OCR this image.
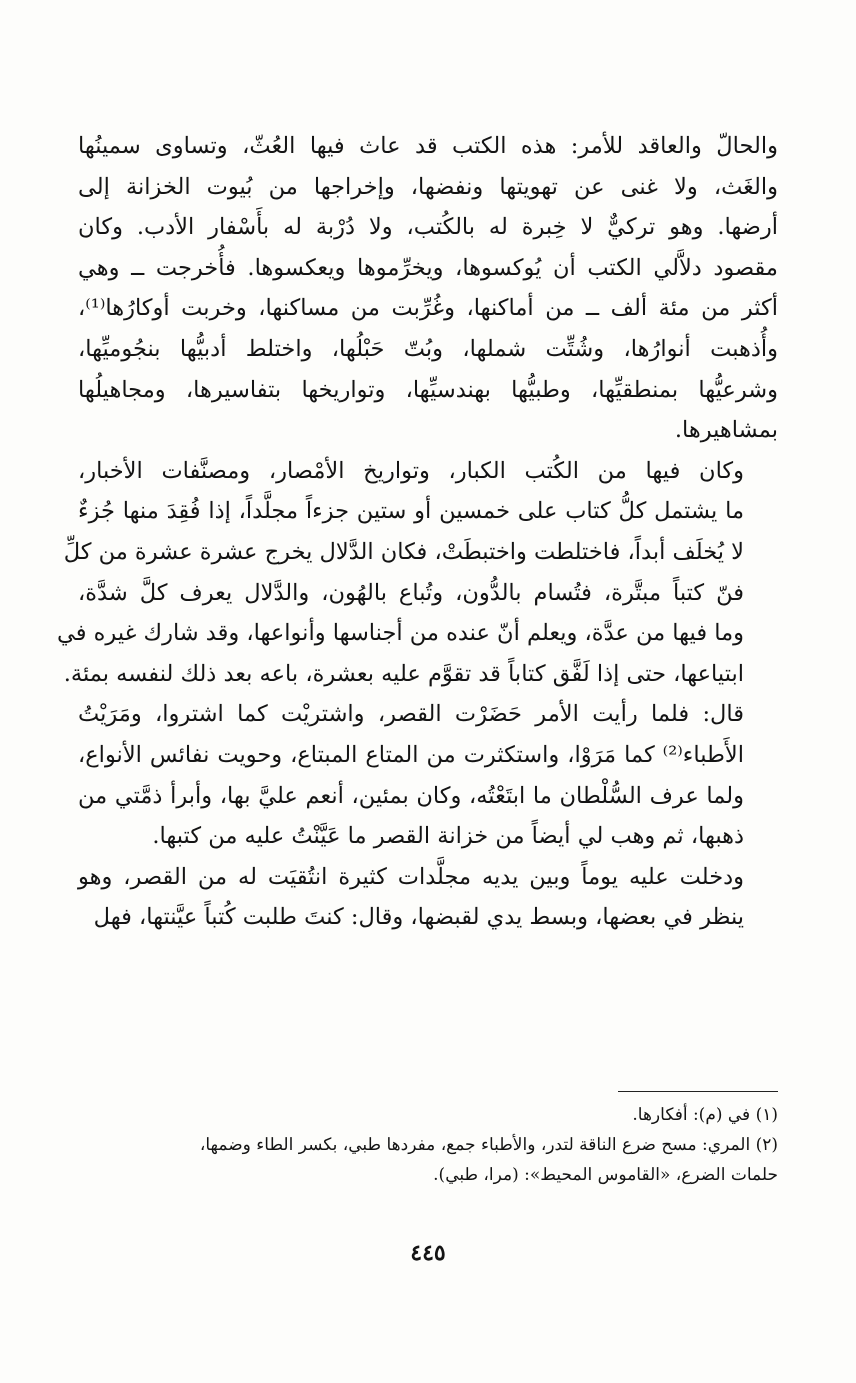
والحالّ والعاقد للأمر: هذه الكتب قد عاث فيها العُثّ، وتساوى سمينُها
والغَث، ولا غنى عن تهويتها ونفضها، وإخراجها من بُيوت الخزانة إلى
أرضها. وهو تركيٌّ لا خِبرة له بالكُتب، ولا دُرْبة له بأَسْفار الأدب. وكان
مقصود دلاَّلي الكتب أن يُوكسوها، ويخرِّموها ويعكسوها. فأُخرجت ــ وهي
أكثر من مئة ألف ــ من أماكنها، وغُرِّبت من مساكنها، وخربت أوكارُها⁽¹⁾،
وأُذهبت أنوارُها، وشُتِّت شملها، وبُتّ حَبْلُها، واختلط أدبيُّها بنجُوميِّها،
وشرعيُّها بمنطقيِّها، وطبيُّها بهندسيِّها، وتواريخها بتفاسيرها، ومجاهيلُها
بمشاهيرها.

وكان فيها من الكُتب الكبار، وتواريخ الأمْصار، ومصنَّفات الأخبار،
ما يشتمل كلُّ كتاب على خمسين أو ستين جزءاً مجلَّداً، إذا فُقِدَ منها جُزءٌ
لا يُخلَف أبداً، فاختلطت واختبطَتْ، فكان الدَّلال يخرج عشرة عشرة من كلِّ
فنّ كتباً مبتَّرة، فتُسام بالدُّون، وتُباع بالهُون، والدَّلال يعرف كلَّ شدَّة،
وما فيها من عدَّة، ويعلم أنّ عنده من أجناسها وأنواعها، وقد شارك غيره في
ابتياعها، حتى إذا لَفَّق كتاباً قد تقوَّم عليه بعشرة، باعه بعد ذلك لنفسه بمئة.

قال: فلما رأيت الأمر حَضَرْت القصر، واشتريْت كما اشتروا، ومَرَيْتُ
الأَطباء⁽²⁾ كما مَرَوْا، واستكثرت من المتاع المبتاع، وحويت نفائس الأنواع،
ولما عرف السُّلْطان ما ابتَعْتُه، وكان بمئين، أنعم عليَّ بها، وأبرأ ذمَّتي من
ذهبها، ثم وهب لي أيضاً من خزانة القصر ما عَيَّنْتُ عليه من كتبها.

ودخلت عليه يوماً وبين يديه مجلَّدات كثيرة انتُقيَت له من القصر، وهو
ينظر في بعضها، وبسط يدي لقبضها، وقال: كنتَ طلبت كُتباً عيَّنتها، فهل

(١) في (م): أفكارها.

(٢) المري: مسح ضرع الناقة لتدر، والأطباء جمع، مفردها طبي، بكسر الطاء وضمها،
حلمات الضرع، «القاموس المحيط»: (مرا، طبي).

٤٤٥
